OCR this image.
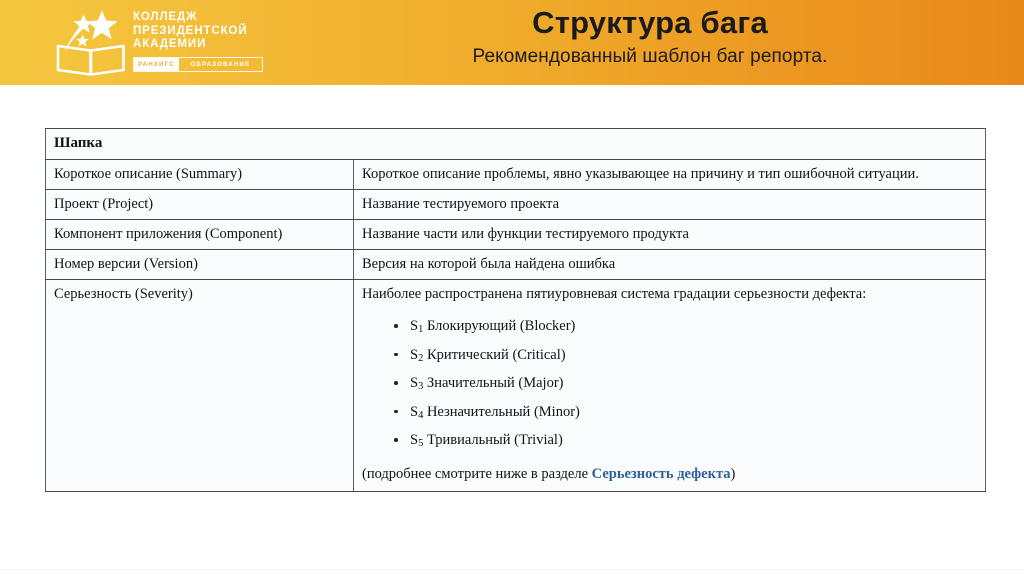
КОЛЛЕДЖ
ПРЕЗИДЕНТСКОЙ
АКАДЕМИИ
РАНХИГС	ОБРАЗОВАНИЕ
Структура бага
Рекомендованный шаблон баг репорта.
Шапка	
Короткое описание (Summary)	Короткое описание проблемы, явно указывающее на причину и тип ошибочной ситуации.
Проект (Project)	Название тестируемого проекта
Компонент приложения (Component)	Название части или функции тестируемого продукта
Номер версии (Version)	Версия на которой была найдена ошибка
Серьезность (Severity)	Наиболее распространена пятиуровневая система градации серьезности дефекта:

$S_1$ Блокирующий (Blocker)
$S_2$ Критический (Critical)
$S_3$ Значительный (Major)
$S_4$ Незначительный (Minor)
$S_5$ Тривиальный (Trivial)

(подробнее смотрите ниже в разделе Серьезность дефекта)
